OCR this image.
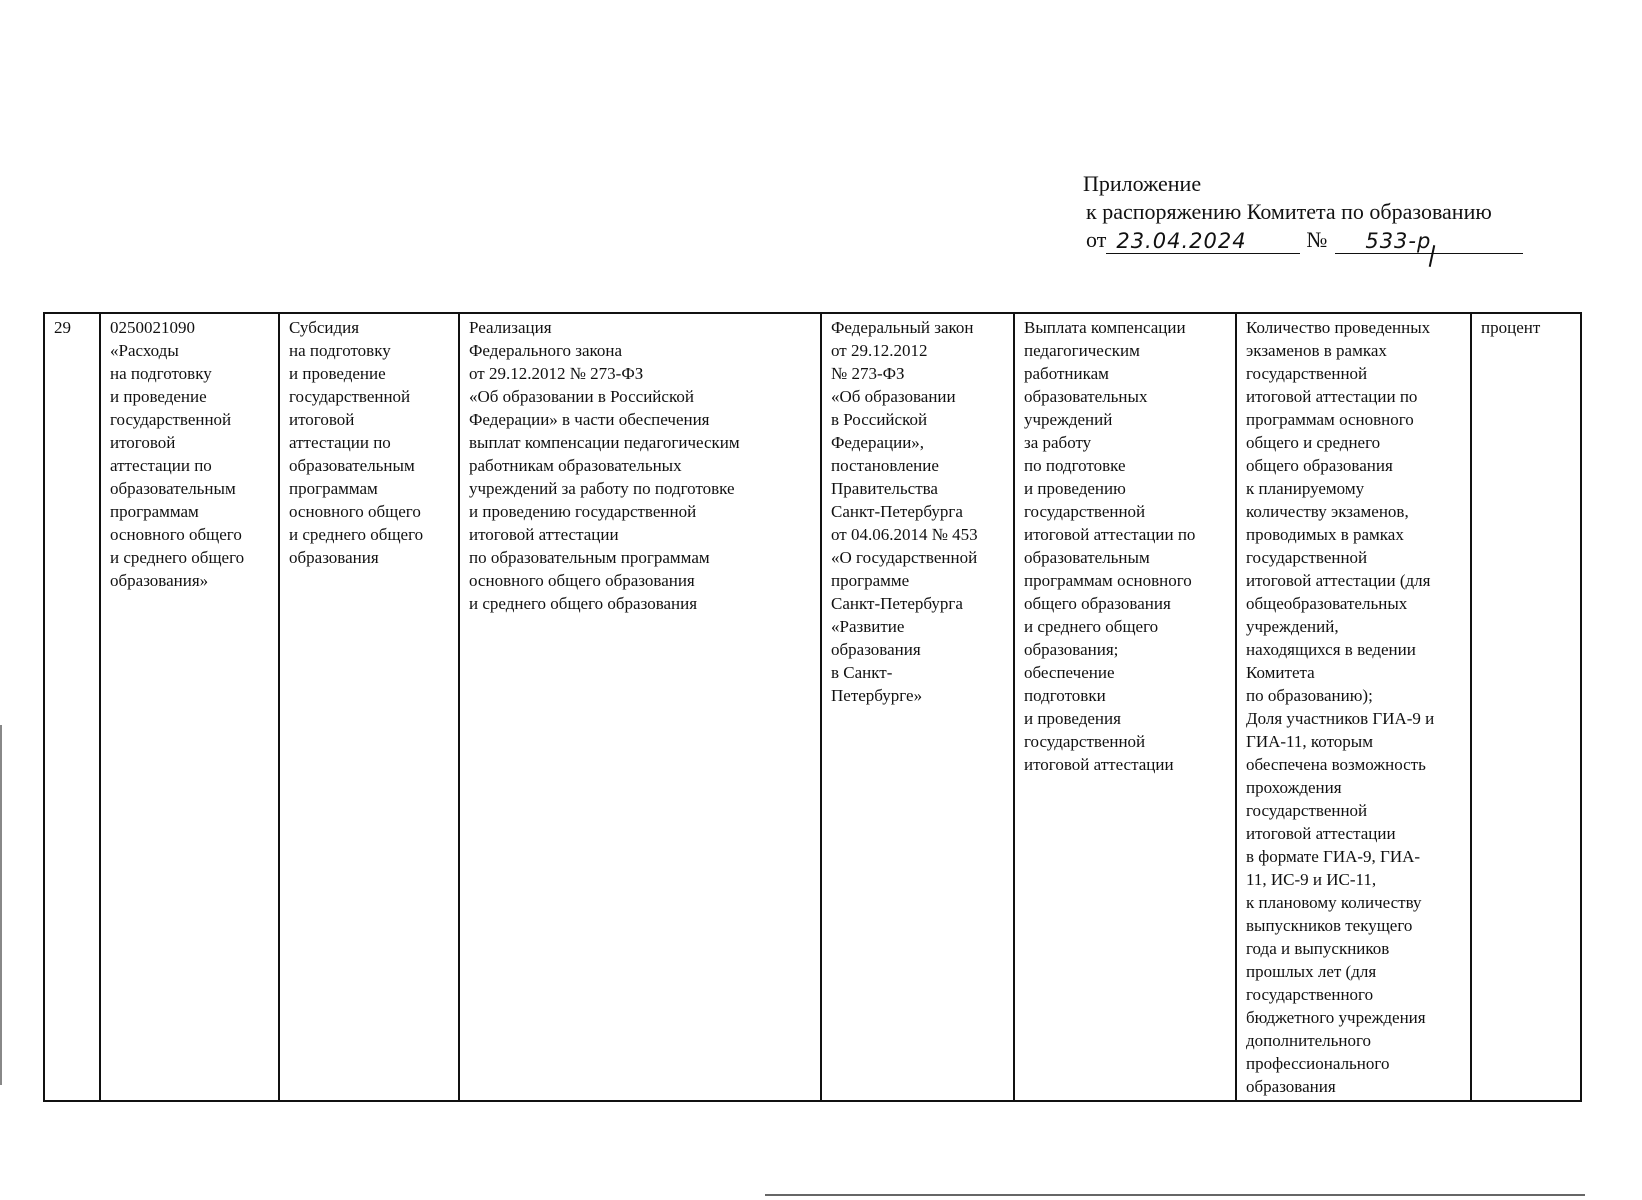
Приложение
к распоряжению Комитета по образованию
от 23.04.2024	№	533-р
29	0250021090
«Расходы
на подготовку
и проведение
государственной
итоговой
аттестации по
образовательным
программам
основного общего
и среднего общего
образования»	Субсидия
на подготовку
и проведение
государственной
итоговой
аттестации по
образовательным
программам
основного общего
и среднего общего
образования	Реализация
Федерального закона
от 29.12.2012 № 273-ФЗ
«Об образовании в Российской
Федерации» в части обеспечения
выплат компенсации педагогическим
работникам образовательных
учреждений за работу по подготовке
и проведению государственной
итоговой аттестации
по образовательным программам
основного общего образования
и среднего общего образования	Федеральный закон
от 29.12.2012
№ 273-ФЗ
«Об образовании
в Российской
Федерации»,
постановление
Правительства
Санкт-Петербурга
от 04.06.2014 № 453
«О государственной
программе
Санкт-Петербурга
«Развитие
образования
в Санкт-
Петербурге»	Выплата компенсации
педагогическим
работникам
образовательных
учреждений
за работу
по подготовке
и проведению
государственной
итоговой аттестации по
образовательным
программам основного
общего образования
и среднего общего
образования;
обеспечение
подготовки
и проведения
государственной
итоговой аттестации	Количество проведенных
экзаменов в рамках
государственной
итоговой аттестации по
программам основного
общего и среднего
общего образования
к планируемому
количеству экзаменов,
проводимых в рамках
государственной
итоговой аттестации (для
общеобразовательных
учреждений,
находящихся в ведении
Комитета
по образованию);
Доля участников ГИА-9 и
ГИА-11, которым
обеспечена возможность
прохождения
государственной
итоговой аттестации
в формате ГИА-9, ГИА-
11, ИС-9 и ИС-11,
к плановому количеству
выпускников текущего
года и выпускников
прошлых лет (для
государственного
бюджетного учреждения
дополнительного
профессионального
образования	процент
